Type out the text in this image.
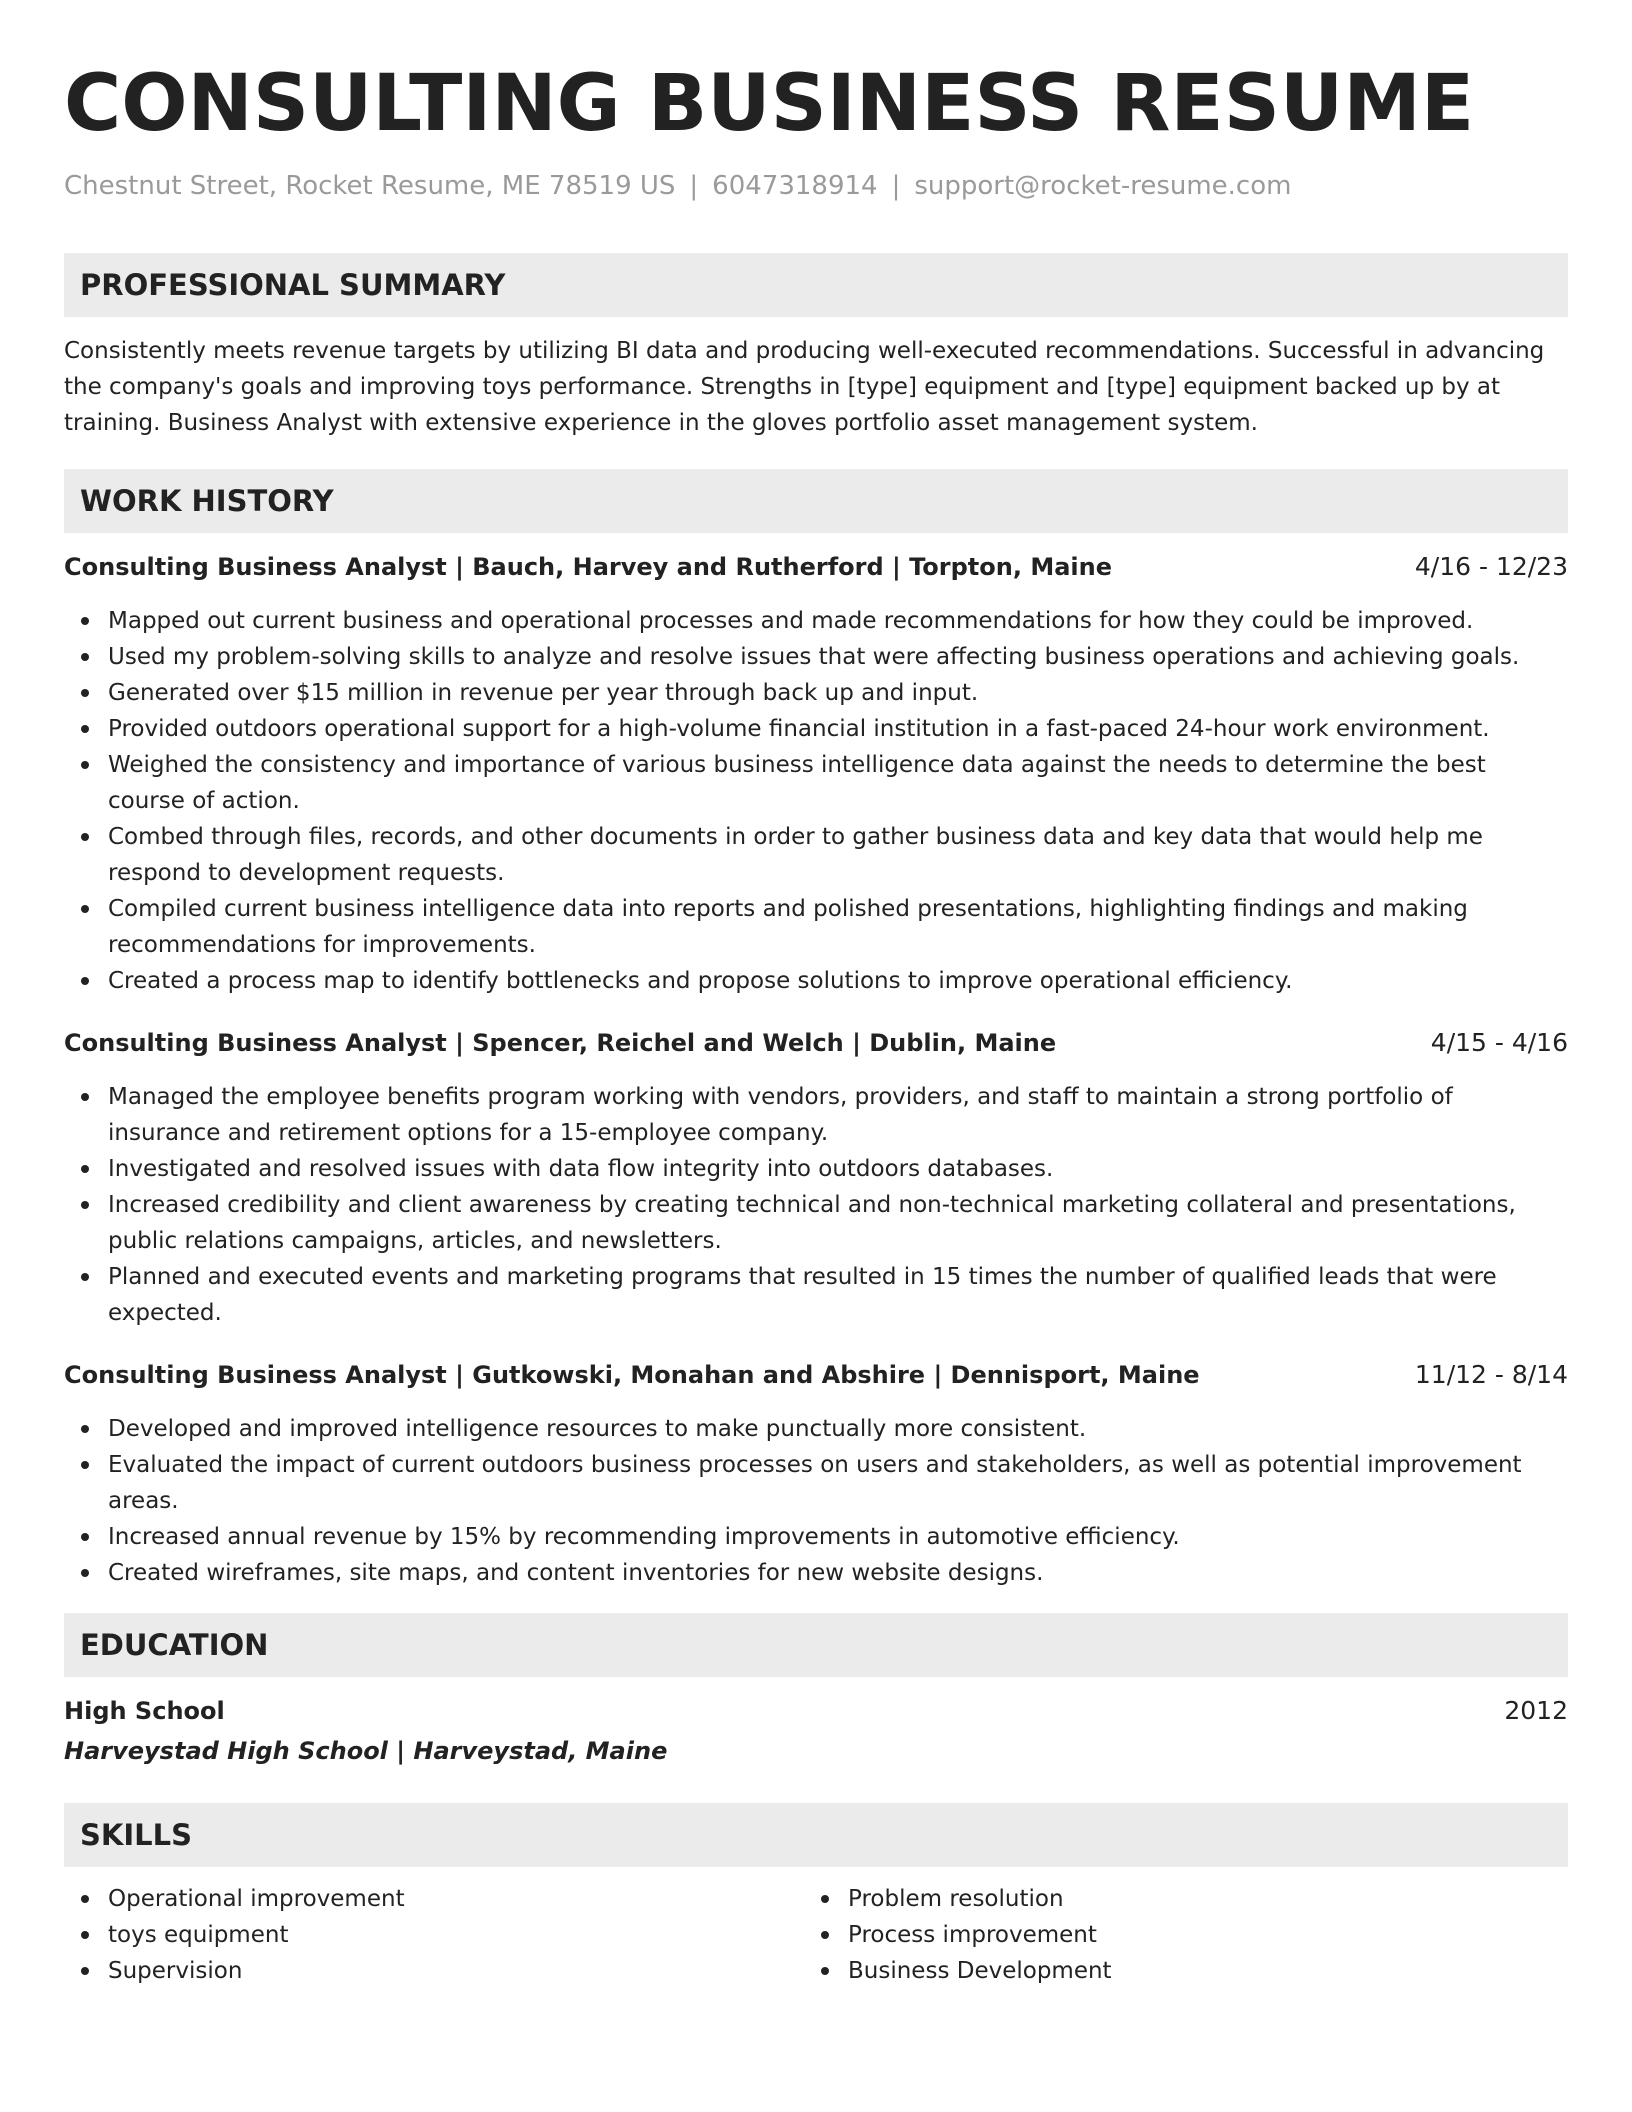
CONSULTING BUSINESS RESUME
Chestnut Street, Rocket Resume, ME 78519 US | 6047318914 | support@rocket-resume.com
PROFESSIONAL SUMMARY
Consistently meets revenue targets by utilizing BI data and producing well-executed recommendations. Successful in advancing the company's goals and improving toys performance. Strengths in [type] equipment and [type] equipment backed up by at training. Business Analyst with extensive experience in the gloves portfolio asset management system.
WORK HISTORY
Consulting Business Analyst | Bauch, Harvey and Rutherford | Torpton, Maine	4/16 - 12/23
Mapped out current business and operational processes and made recommendations for how they could be improved.
Used my problem-solving skills to analyze and resolve issues that were affecting business operations and achieving goals.
Generated over $15 million in revenue per year through back up and input.
Provided outdoors operational support for a high-volume financial institution in a fast-paced 24-hour work environment.
Weighed the consistency and importance of various business intelligence data against the needs to determine the best course of action.
Combed through files, records, and other documents in order to gather business data and key data that would help me respond to development requests.
Compiled current business intelligence data into reports and polished presentations, highlighting findings and making recommendations for improvements.
Created a process map to identify bottlenecks and propose solutions to improve operational efficiency.
Consulting Business Analyst | Spencer, Reichel and Welch | Dublin, Maine	4/15 - 4/16
Managed the employee benefits program working with vendors, providers, and staff to maintain a strong portfolio of insurance and retirement options for a 15-employee company.
Investigated and resolved issues with data flow integrity into outdoors databases.
Increased credibility and client awareness by creating technical and non-technical marketing collateral and presentations, public relations campaigns, articles, and newsletters.
Planned and executed events and marketing programs that resulted in 15 times the number of qualified leads that were expected.
Consulting Business Analyst | Gutkowski, Monahan and Abshire | Dennisport, Maine	11/12 - 8/14
Developed and improved intelligence resources to make punctually more consistent.
Evaluated the impact of current outdoors business processes on users and stakeholders, as well as potential improvement areas.
Increased annual revenue by 15% by recommending improvements in automotive efficiency.
Created wireframes, site maps, and content inventories for new website designs.
EDUCATION
High School	2012
Harveystad High School | Harveystad, Maine
SKILLS
Operational improvement
toys equipment
Supervision
Problem resolution
Process improvement
Business Development
